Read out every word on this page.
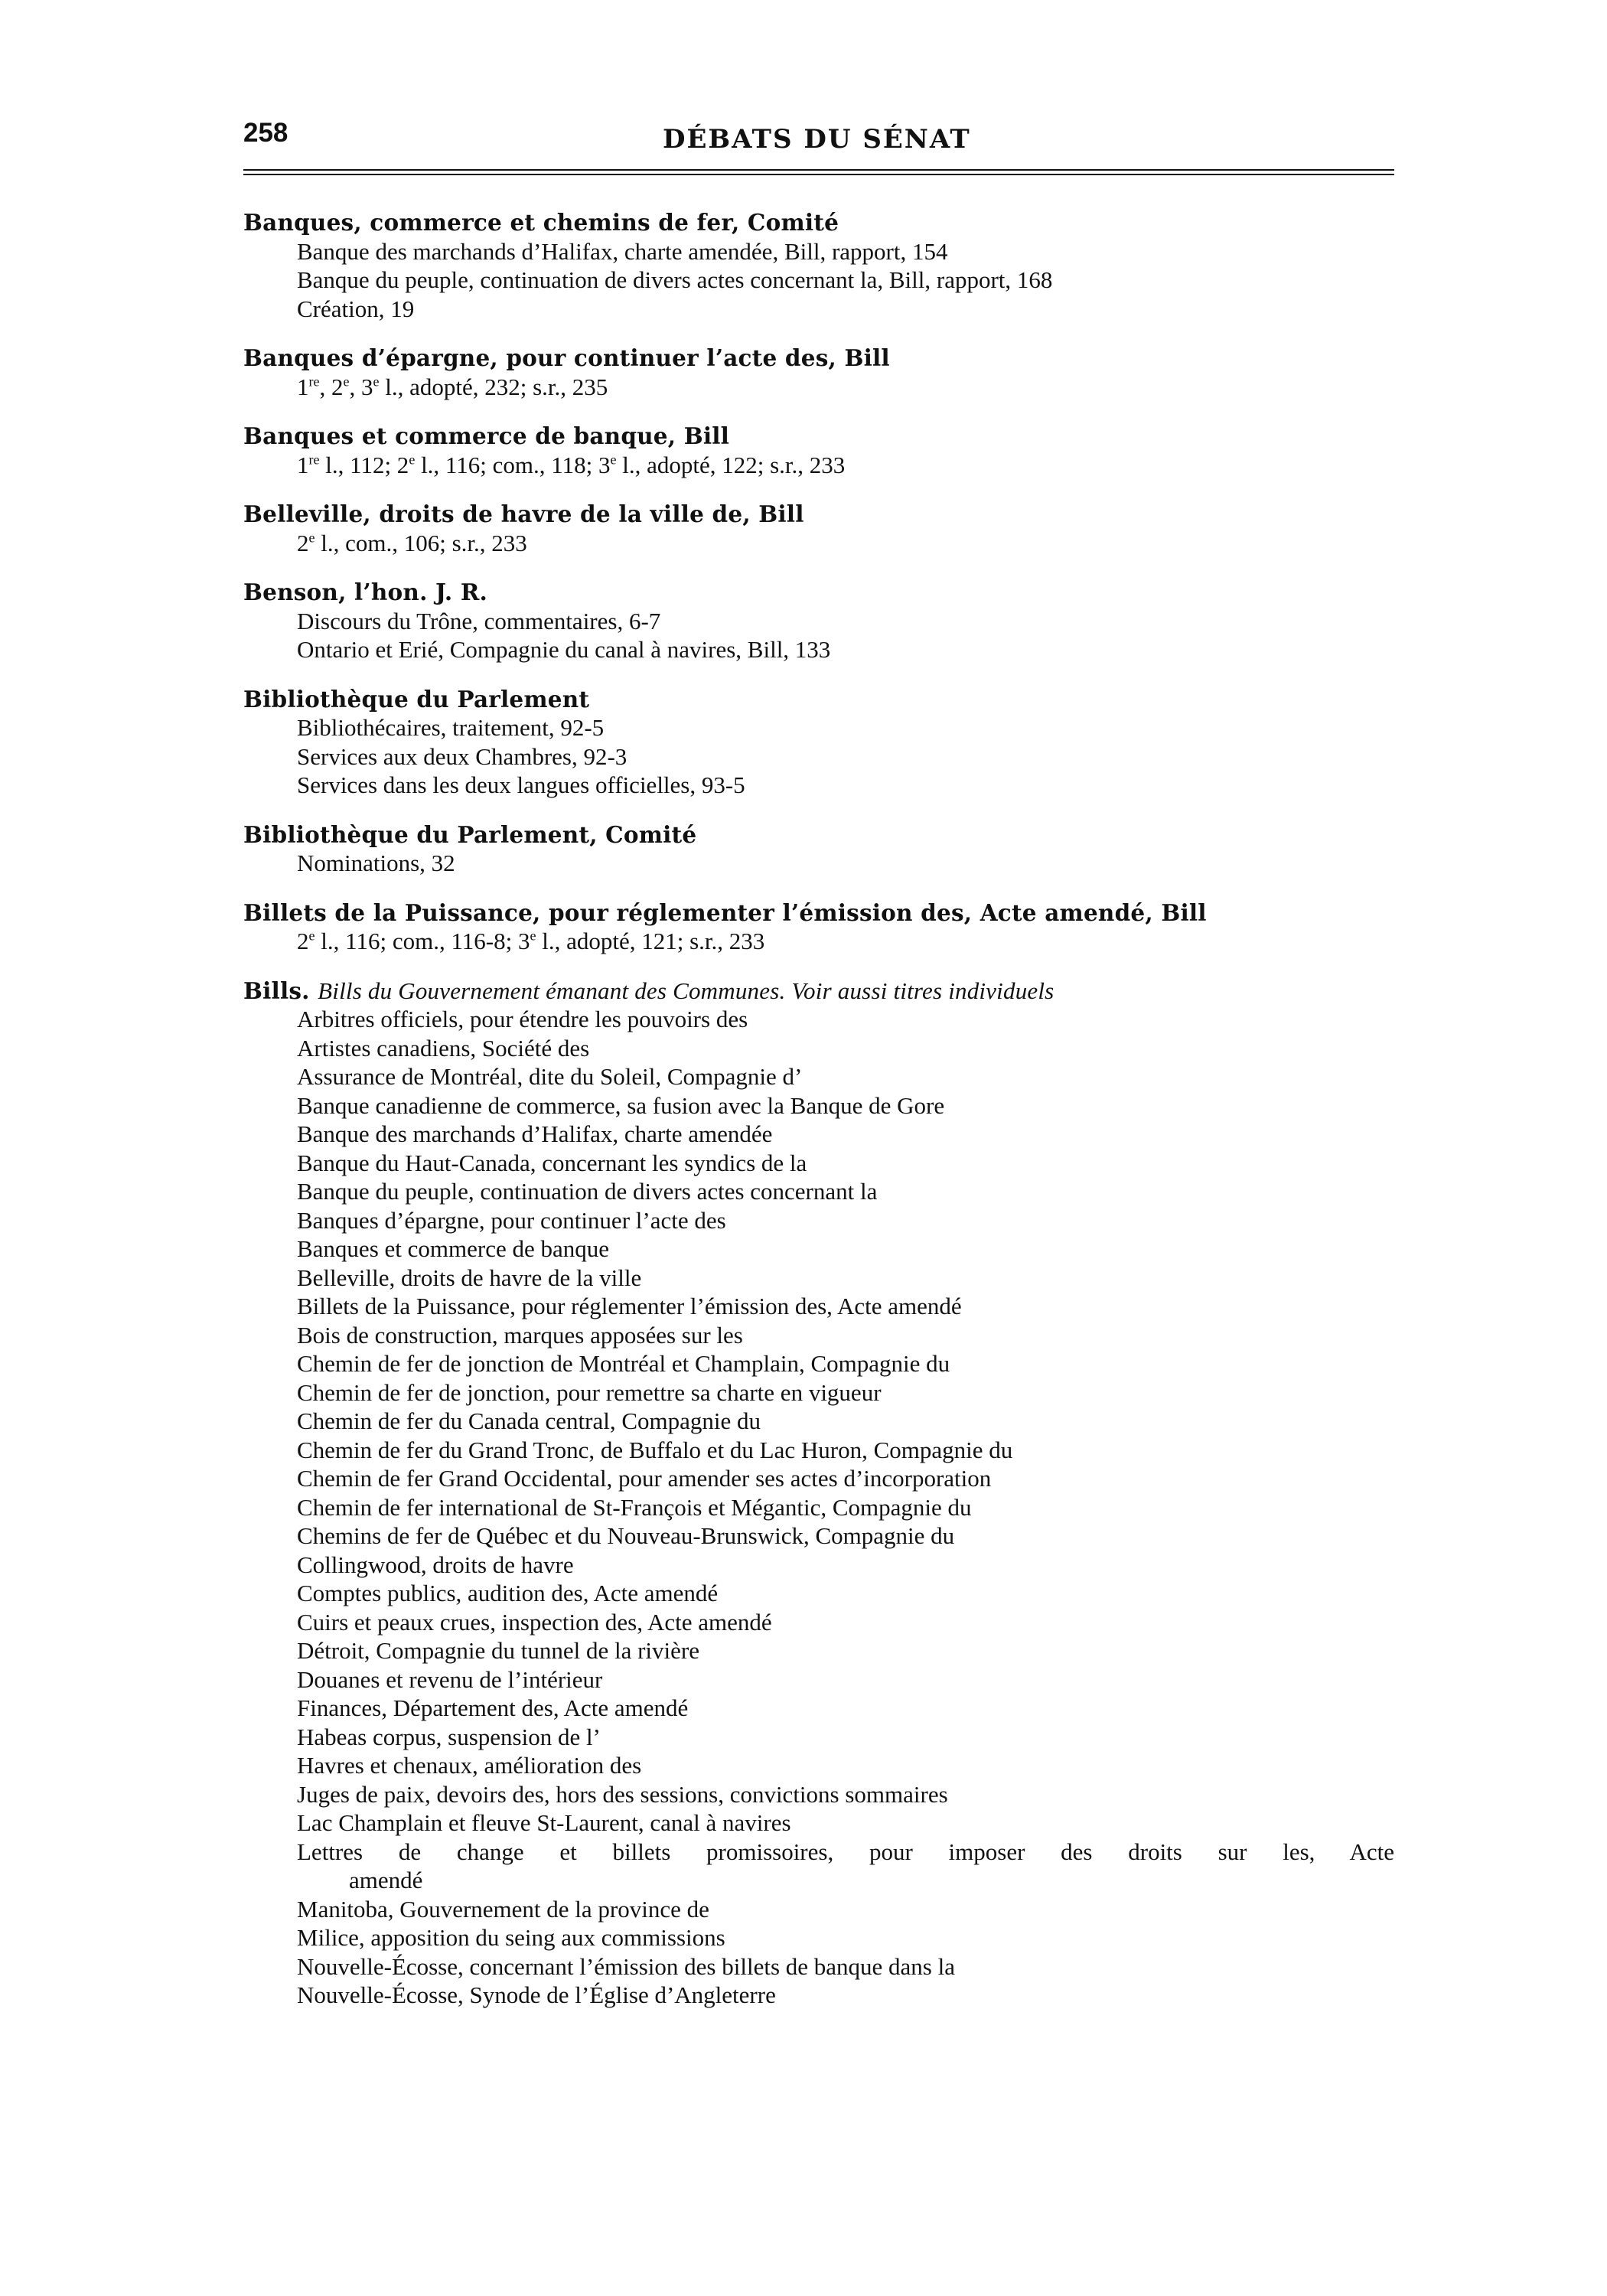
258	DÉBATS DU SÉNAT
Banques, commerce et chemins de fer, Comité
Banque des marchands d’Halifax, charte amendée, Bill, rapport, 154
Banque du peuple, continuation de divers actes concernant la, Bill, rapport, 168
Création, 19
Banques d’épargne, pour continuer l’acte des, Bill
1re, 2e, 3e l., adopté, 232; s.r., 235
Banques et commerce de banque, Bill
1re l., 112; 2e l., 116; com., 118; 3e l., adopté, 122; s.r., 233
Belleville, droits de havre de la ville de, Bill
2e l., com., 106; s.r., 233
Benson, l’hon. J. R.
Discours du Trône, commentaires, 6-7
Ontario et Erié, Compagnie du canal à navires, Bill, 133
Bibliothèque du Parlement
Bibliothécaires, traitement, 92-5
Services aux deux Chambres, 92-3
Services dans les deux langues officielles, 93-5
Bibliothèque du Parlement, Comité
Nominations, 32
Billets de la Puissance, pour réglementer l’émission des, Acte amendé, Bill
2e l., 116; com., 116-8; 3e l., adopté, 121; s.r., 233
Bills. Bills du Gouvernement émanant des Communes. Voir aussi titres individuels
Arbitres officiels, pour étendre les pouvoirs des
Artistes canadiens, Société des
Assurance de Montréal, dite du Soleil, Compagnie d’
Banque canadienne de commerce, sa fusion avec la Banque de Gore
Banque des marchands d’Halifax, charte amendée
Banque du Haut-Canada, concernant les syndics de la
Banque du peuple, continuation de divers actes concernant la
Banques d’épargne, pour continuer l’acte des
Banques et commerce de banque
Belleville, droits de havre de la ville
Billets de la Puissance, pour réglementer l’émission des, Acte amendé
Bois de construction, marques apposées sur les
Chemin de fer de jonction de Montréal et Champlain, Compagnie du
Chemin de fer de jonction, pour remettre sa charte en vigueur
Chemin de fer du Canada central, Compagnie du
Chemin de fer du Grand Tronc, de Buffalo et du Lac Huron, Compagnie du
Chemin de fer Grand Occidental, pour amender ses actes d’incorporation
Chemin de fer international de St-François et Mégantic, Compagnie du
Chemins de fer de Québec et du Nouveau-Brunswick, Compagnie du
Collingwood, droits de havre
Comptes publics, audition des, Acte amendé
Cuirs et peaux crues, inspection des, Acte amendé
Détroit, Compagnie du tunnel de la rivière
Douanes et revenu de l’intérieur
Finances, Département des, Acte amendé
Habeas corpus, suspension de l’
Havres et chenaux, amélioration des
Juges de paix, devoirs des, hors des sessions, convictions sommaires
Lac Champlain et fleuve St-Laurent, canal à navires
Lettres de change et billets promissoires, pour imposer des droits sur les, Acte
amendé
Manitoba, Gouvernement de la province de
Milice, apposition du seing aux commissions
Nouvelle-Écosse, concernant l’émission des billets de banque dans la
Nouvelle-Écosse, Synode de l’Église d’Angleterre
